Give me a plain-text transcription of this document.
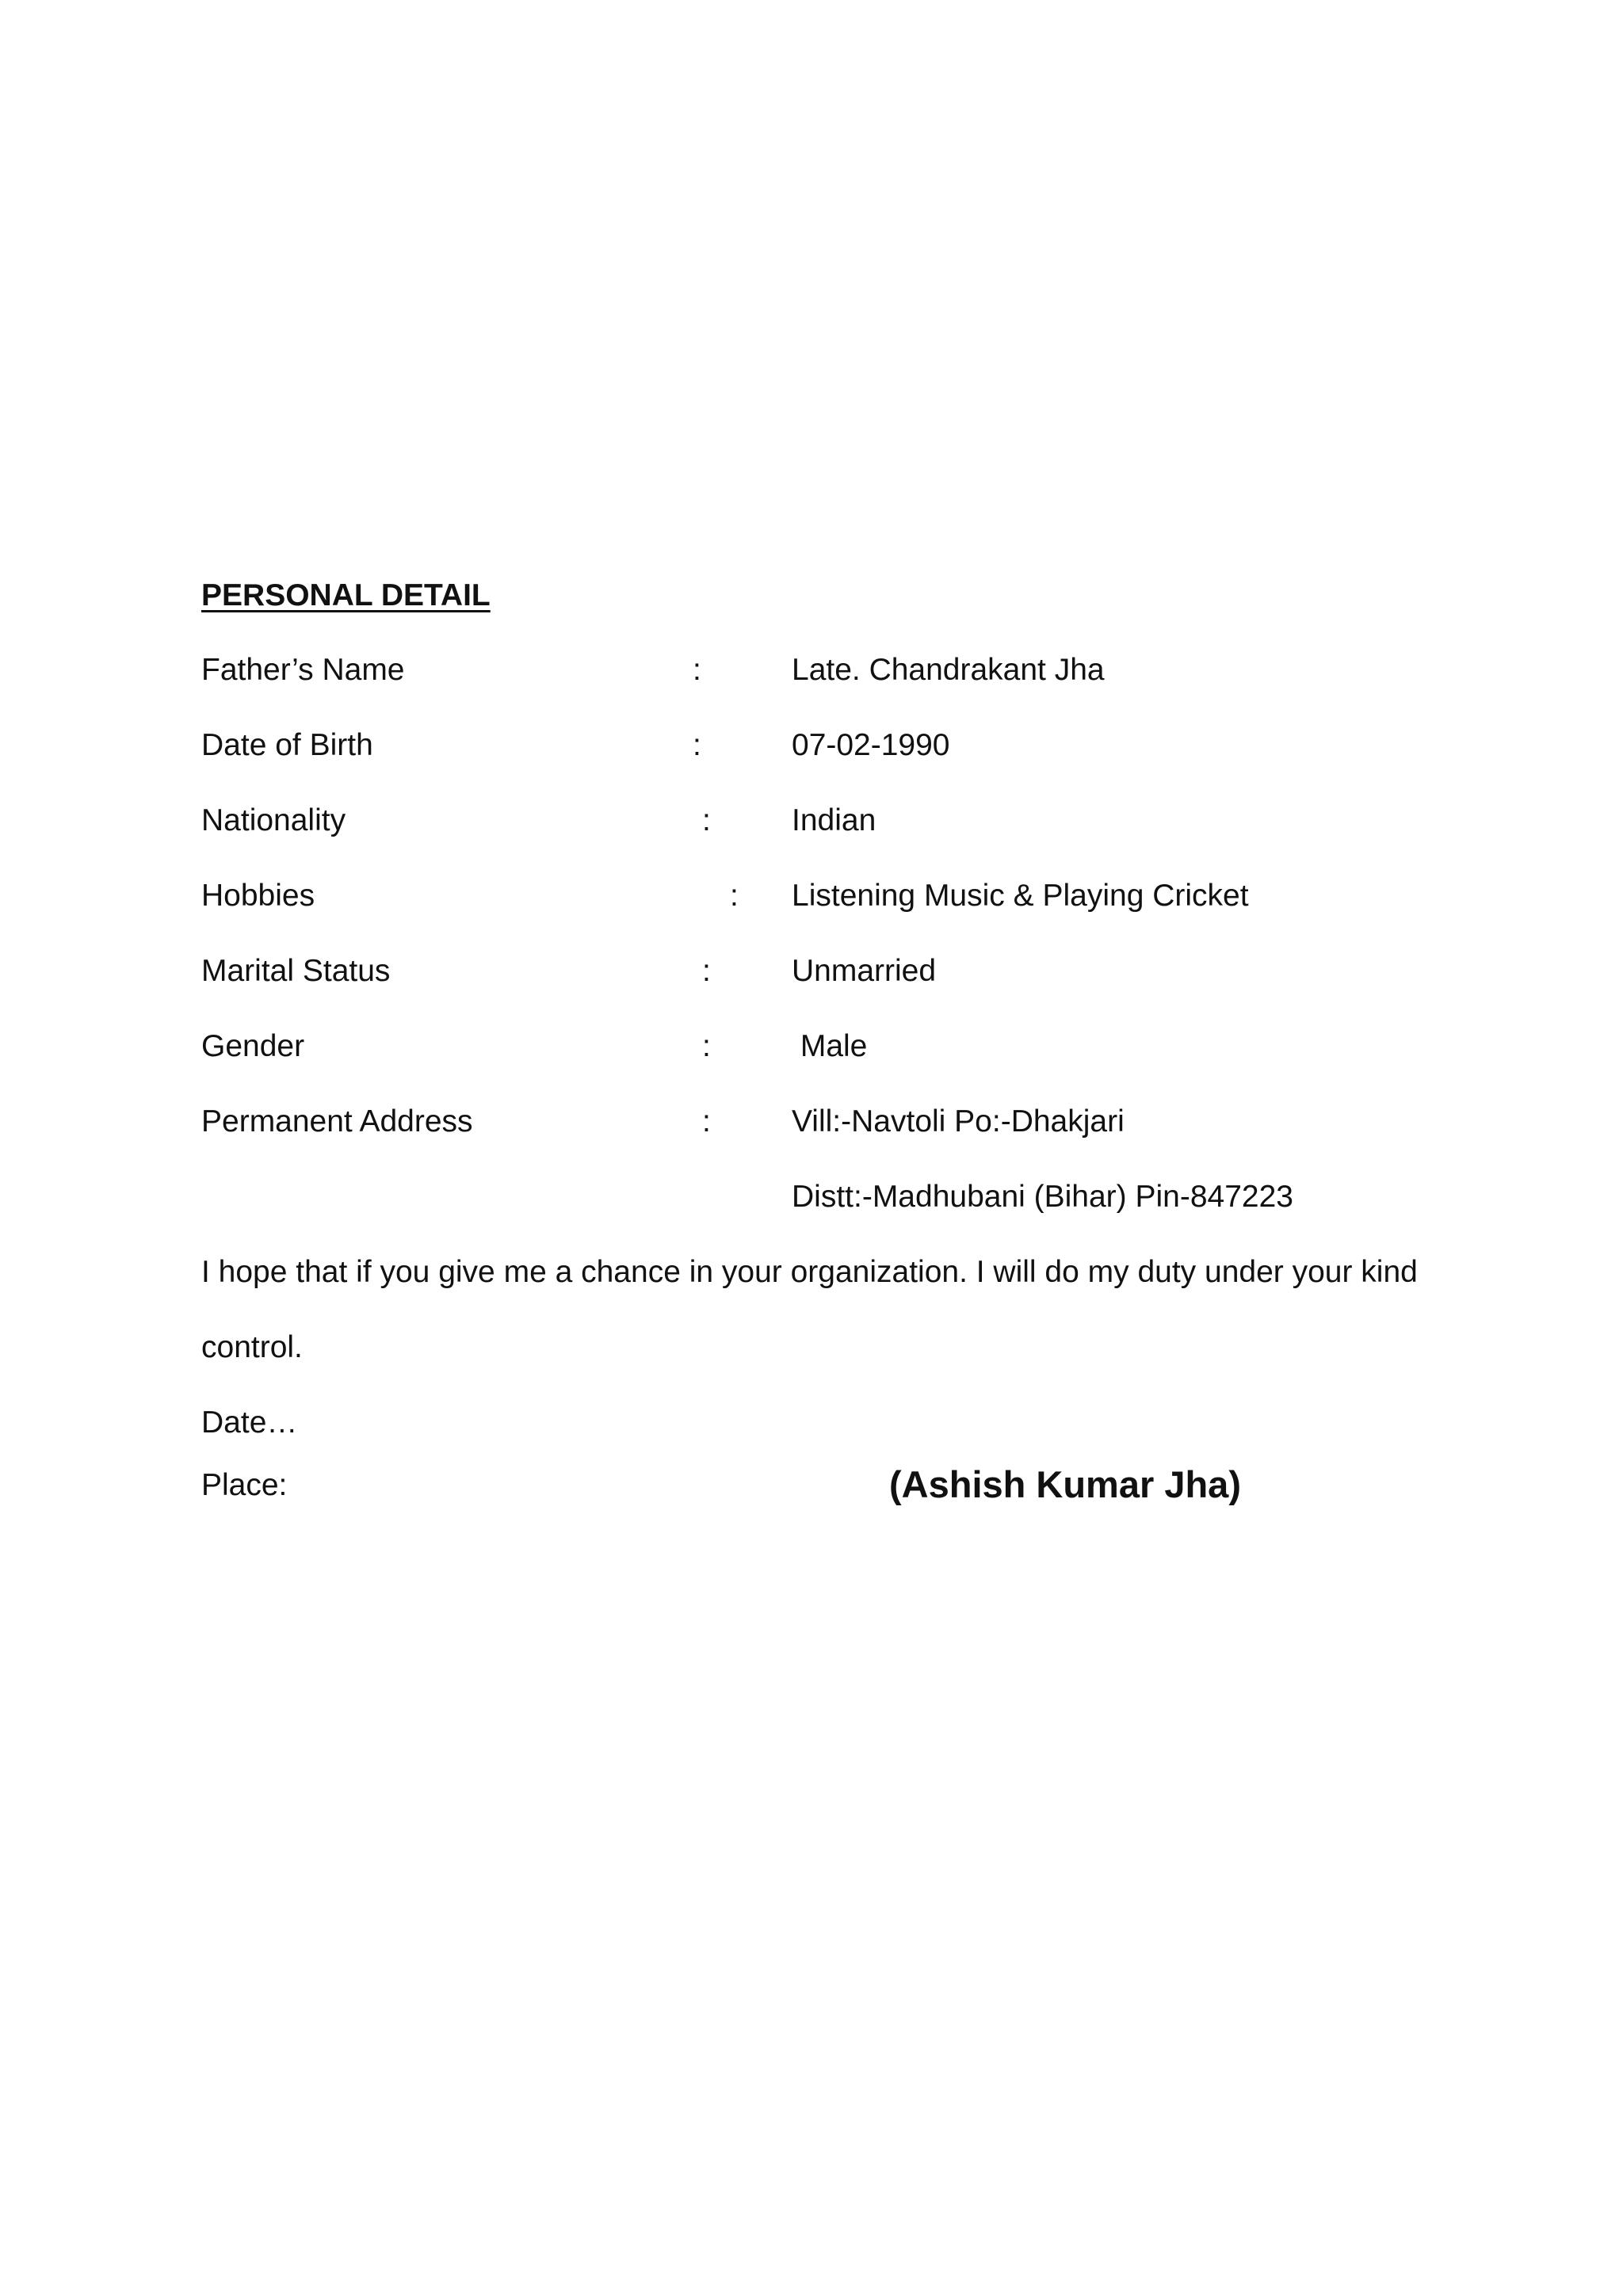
PERSONAL DETAIL
Father’s Name	:	Late. Chandrakant Jha
Date of Birth	:	07-02-1990
Nationality	:	Indian
Hobbies	: Listening Music & Playing Cricket
Marital Status	:	Unmarried
Gender	:	Male
Permanent Address	:	Vill:-Navtoli Po:-Dhakjari
Distt:-Madhubani (Bihar) Pin-847223
I hope that if you give me a chance in your organization. I will do my duty under your kind
control.
Date…
Place:	(Ashish Kumar Jha)
